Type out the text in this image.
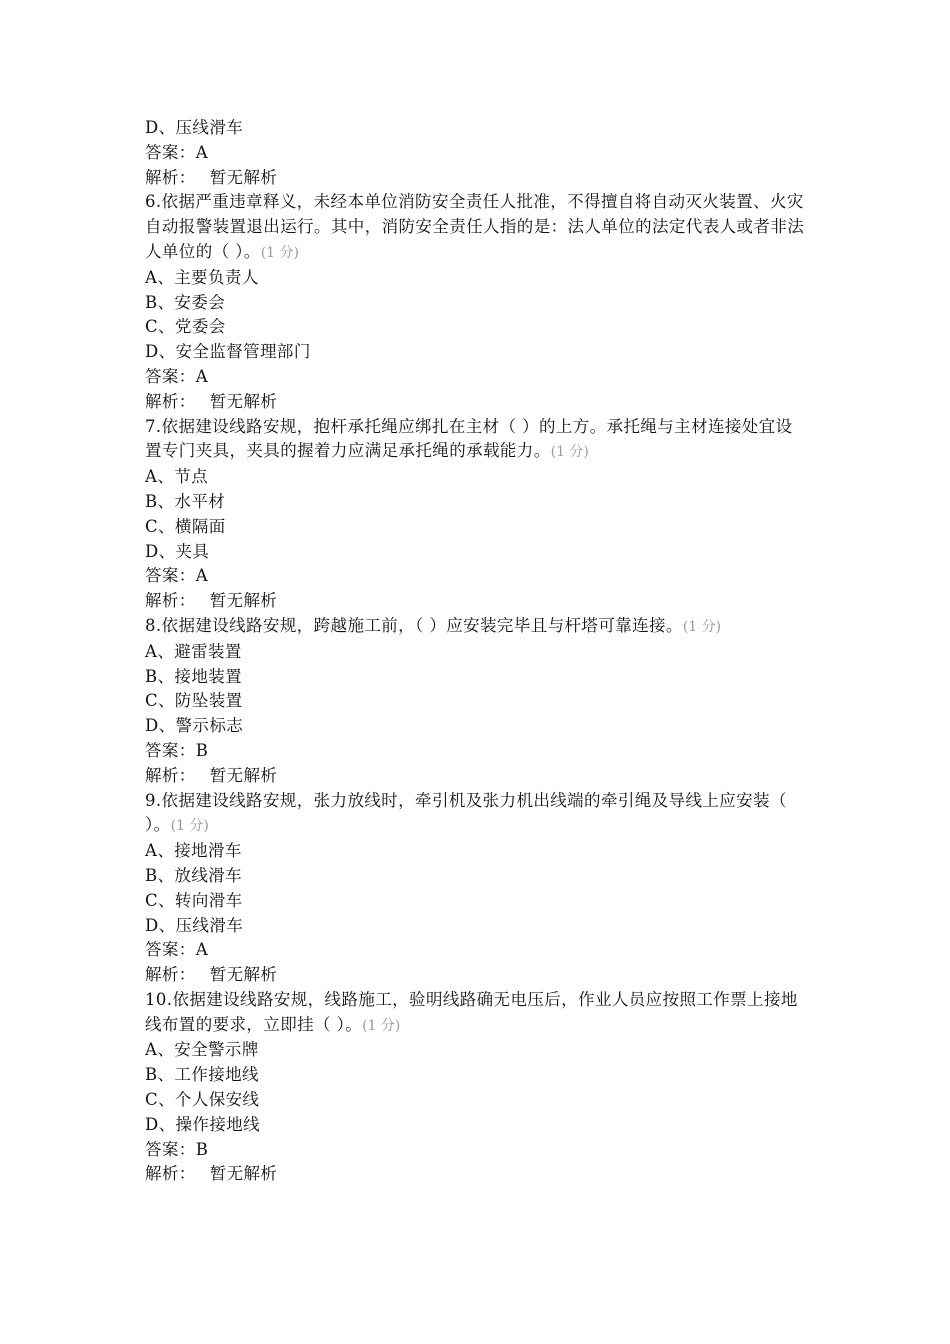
D、压线滑车
答案：A
解析： 暂无解析
6.依据严重违章释义，未经本单位消防安全责任人批准，不得擅自将自动灭火装置、火灾自动报警装置退出运行。其中，消防安全责任人指的是：法人单位的法定代表人或者非法人单位的（ ）。(1 分)
A、主要负责人
B、安委会
C、党委会
D、安全监督管理部门
答案：A
解析： 暂无解析
7.依据建设线路安规，抱杆承托绳应绑扎在主材（ ）的上方。承托绳与主材连接处宜设置专门夹具，夹具的握着力应满足承托绳的承载能力。(1 分)
A、节点
B、水平材
C、横隔面
D、夹具
答案：A
解析： 暂无解析
8.依据建设线路安规，跨越施工前，（ ）应安装完毕且与杆塔可靠连接。(1 分)
A、避雷装置
B、接地装置
C、防坠装置
D、警示标志
答案：B
解析： 暂无解析
9.依据建设线路安规，张力放线时，牵引机及张力机出线端的牵引绳及导线上应安装（ ）。(1 分)
A、接地滑车
B、放线滑车
C、转向滑车
D、压线滑车
答案：A
解析： 暂无解析
10.依据建设线路安规，线路施工，验明线路确无电压后，作业人员应按照工作票上接地线布置的要求，立即挂（ ）。(1 分)
A、安全警示牌
B、工作接地线
C、个人保安线
D、操作接地线
答案：B
解析： 暂无解析
